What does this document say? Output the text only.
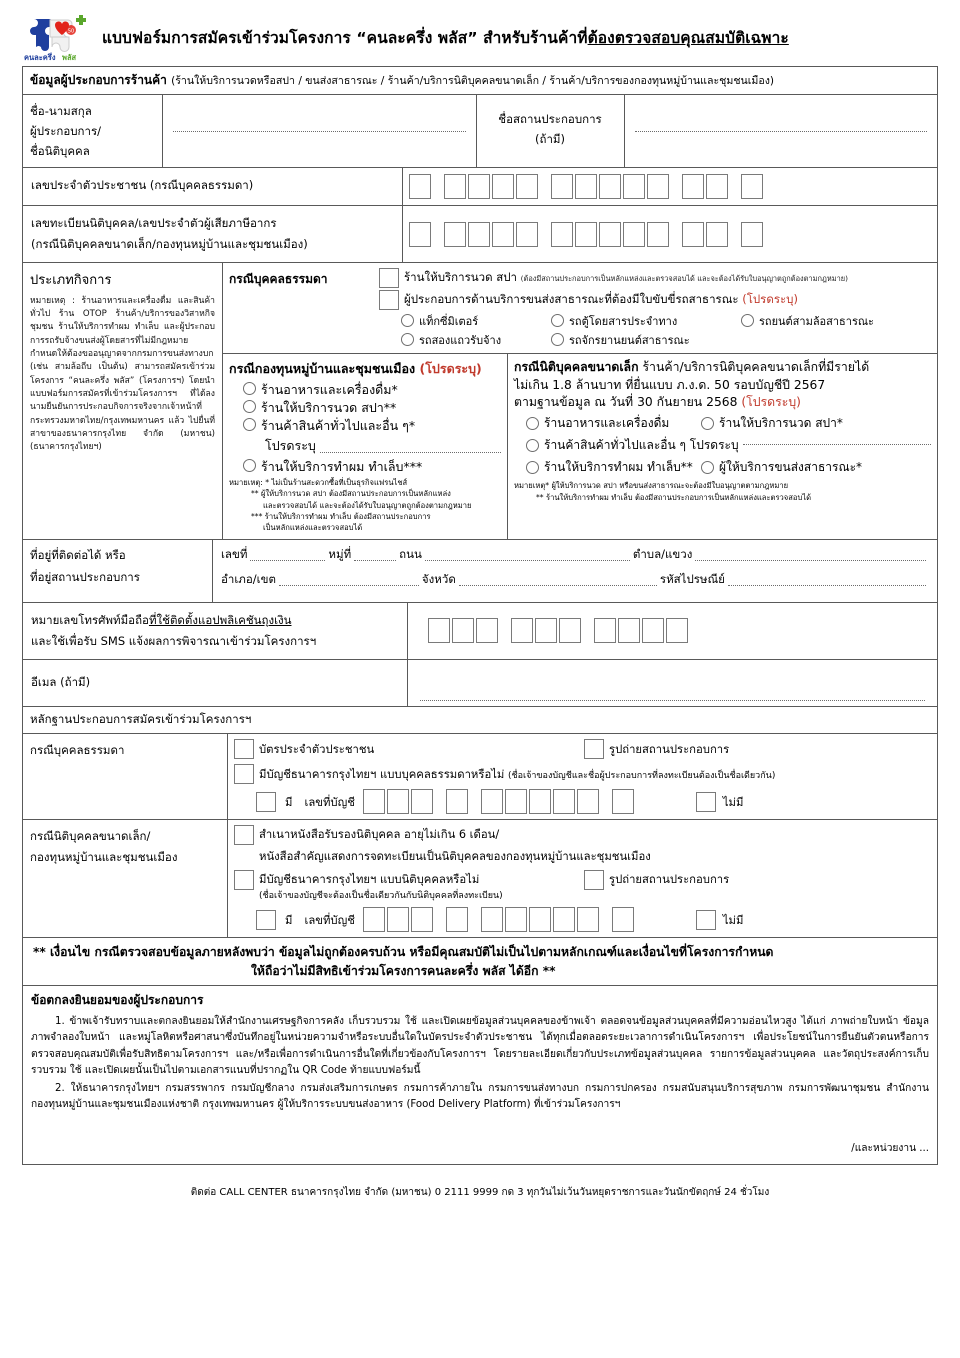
50
คนละครึ่ง พลัส
แบบฟอร์มการสมัครเข้าร่วมโครงการ “คนละครึ่ง พลัส” สำหรับร้านค้าที่ต้องตรวจสอบคุณสมบัติเฉพาะ
ข้อมูลผู้ประกอบการร้านค้า (ร้านให้บริการนวดหรือสปา / ขนส่งสาธารณะ / ร้านค้า/บริการนิติบุคคลขนาดเล็ก / ร้านค้า/บริการของกองทุนหมู่บ้านและชุมชนเมือง)
ชื่อ-นามสกุล
ผู้ประกอบการ/
ชื่อนิติบุคคล
ชื่อสถานประกอบการ
(ถ้ามี)
เลขประจำตัวประชาชน (กรณีบุคคลธรรมดา)
เลขทะเบียนนิติบุคคล/เลขประจำตัวผู้เสียภาษีอากร
(กรณีนิติบุคคลขนาดเล็ก/กองทุนหมู่บ้านและชุมชนเมือง)
ประเภทกิจการ
หมายเหตุ : ร้านอาหารและเครื่องดื่ม และสินค้าทั่วไป ร้าน OTOP ร้านค้า/บริการของวิสาหกิจชุมชน ร้านให้บริการทำผม ทำเล็บ และผู้ประกอบการรถรับจ้างขนส่งผู้โดยสารที่ไม่มีกฎหมายกำหนดให้ต้องขออนุญาตจากกรมการขนส่งทางบก (เช่น สามล้อถีบ เป็นต้น) สามารถสมัครเข้าร่วมโครงการ “คนละครึ่ง พลัส” (โครงการฯ) โดยนำแบบฟอร์มการสมัครที่เข้าร่วมโครงการฯ ที่ได้ลงนามยืนยันการประกอบกิจการจริงจากเจ้าหน้าที่กระทรวงมหาดไทย/กรุงเทพมหานคร แล้ว ไปยื่นที่สาขาของธนาคารกรุงไทย จำกัด (มหาชน) (ธนาคารกรุงไทยฯ)
กรณีบุคคลธรรมดา	ร้านให้บริการนวด สปา (ต้องมีสถานประกอบการเป็นหลักแหล่งและตรวจสอบได้ และจะต้องได้รับใบอนุญาตถูกต้องตามกฎหมาย)
ผู้ประกอบการด้านบริการขนส่งสาธารณะที่ต้องมีใบขับขี่รถสาธารณะ (โปรดระบุ)
แท็กซี่มิเตอร์	รถตู้โดยสารประจำทาง	รถยนต์สามล้อสาธารณะ
รถสองแถวรับจ้าง	รถจักรยานยนต์สาธารณะ
กรณีกองทุนหมู่บ้านและชุมชนเมือง (โปรดระบุ)
ร้านอาหารและเครื่องดื่ม*
ร้านให้บริการนวด สปา**
ร้านค้าสินค้าทั่วไปและอื่น ๆ*
โปรดระบุ
ร้านให้บริการทำผม ทำเล็บ***
หมายเหตุ: * ไม่เป็นร้านสะดวกซื้อที่เป็นธุรกิจแฟรนไชส์
** ผู้ให้บริการนวด สปา ต้องมีสถานประกอบการเป็นหลักแหล่ง
และตรวจสอบได้ และจะต้องได้รับใบอนุญาตถูกต้องตามกฎหมาย
*** ร้านให้บริการทำผม ทำเล็บ ต้องมีสถานประกอบการ
เป็นหลักแหล่งและตรวจสอบได้
กรณีนิติบุคคลขนาดเล็ก ร้านค้า/บริการนิติบุคคลขนาดเล็กที่มีรายได้
ไม่เกิน 1.8 ล้านบาท ที่ยื่นแบบ ภ.ง.ด. 50 รอบบัญชีปี 2567
ตามฐานข้อมูล ณ วันที่ 30 กันยายน 2568 (โปรดระบุ)
ร้านอาหารและเครื่องดื่ม	ร้านให้บริการนวด สปา*
ร้านค้าสินค้าทั่วไปและอื่น ๆ โปรดระบุ
ร้านให้บริการทำผม ทำเล็บ** ผู้ให้บริการขนส่งสาธารณะ*
หมายเหตุ* ผู้ให้บริการนวด สปา หรือขนส่งสาธารณะจะต้องมีใบอนุญาตตามกฎหมาย
** ร้านให้บริการทำผม ทำเล็บ ต้องมีสถานประกอบการเป็นหลักแหล่งและตรวจสอบได้
ที่อยู่ที่ติดต่อได้ หรือ
ที่อยู่สถานประกอบการ
เลขที่	หมู่ที่	ถนน	ตำบล/แขวง
อำเภอ/เขต	จังหวัด	รหัสไปรษณีย์
หมายเลขโทรศัพท์มือถือที่ใช้ติดตั้งแอปพลิเคชันถุงเงิน
และใช้เพื่อรับ SMS แจ้งผลการพิจารณาเข้าร่วมโครงการฯ
อีเมล (ถ้ามี)
หลักฐานประกอบการสมัครเข้าร่วมโครงการฯ
กรณีบุคคลธรรมดา	บัตรประจำตัวประชาชน	รูปถ่ายสถานประกอบการ
มีบัญชีธนาคารกรุงไทยฯ แบบบุคคลธรรมดาหรือไม่ (ชื่อเจ้าของบัญชีและชื่อผู้ประกอบการที่ลงทะเบียนต้องเป็นชื่อเดียวกัน)
มี เลขที่บัญชี	ไม่มี
กรณีนิติบุคคลขนาดเล็ก/
กองทุนหมู่บ้านและชุมชนเมือง
สำเนาหนังสือรับรองนิติบุคคล อายุไม่เกิน 6 เดือน/
หนังสือสำคัญแสดงการจดทะเบียนเป็นนิติบุคคลของกองทุนหมู่บ้านและชุมชนเมือง
มีบัญชีธนาคารกรุงไทยฯ แบบนิติบุคคลหรือไม่
(ชื่อเจ้าของบัญชีจะต้องเป็นชื่อเดียวกันกับนิติบุคคลที่ลงทะเบียน)
รูปถ่ายสถานประกอบการ
มี เลขที่บัญชี	ไม่มี
** เงื่อนไข กรณีตรวจสอบข้อมูลภายหลังพบว่า ข้อมูลไม่ถูกต้องครบถ้วน หรือมีคุณสมบัติไม่เป็นไปตามหลักเกณฑ์และเงื่อนไขที่โครงการกำหนด
ให้ถือว่าไม่มีสิทธิเข้าร่วมโครงการคนละครึ่ง พลัส ได้อีก **
ข้อตกลงยินยอมของผู้ประกอบการ

1. ข้าพเจ้ารับทราบและตกลงยินยอมให้สำนักงานเศรษฐกิจการคลัง เก็บรวบรวม ใช้ และเปิดเผยข้อมูลส่วนบุคคลของข้าพเจ้า ตลอดจนข้อมูลส่วนบุคคลที่มีความอ่อนไหวสูง ได้แก่ ภาพถ่ายใบหน้า ข้อมูลภาพจำลองใบหน้า และหมู่โลหิตหรือศาสนาซึ่งบันทึกอยู่ในหน่วยความจำหรือระบบอื่นใดในบัตรประจำตัวประชาชน ได้ทุกเมื่อตลอดระยะเวลาการดำเนินโครงการฯ เพื่อประโยชน์ในการยืนยันตัวตนหรือการตรวจสอบคุณสมบัติเพื่อรับสิทธิตามโครงการฯ และ/หรือเพื่อการดำเนินการอื่นใดที่เกี่ยวข้องกับโครงการฯ โดยรายละเอียดเกี่ยวกับประเภทข้อมูลส่วนบุคคล รายการข้อมูลส่วนบุคคล และวัตถุประสงค์การเก็บรวบรวม ใช้ และเปิดเผยนั้นเป็นไปตามเอกสารแนบที่ปรากฏใน QR Code ท้ายแบบฟอร์มนี้

2. ให้ธนาคารกรุงไทยฯ กรมสรรพากร กรมบัญชีกลาง กรมส่งเสริมการเกษตร กรมการค้าภายใน กรมการขนส่งทางบก กรมการปกครอง กรมสนับสนุนบริการสุขภาพ กรมการพัฒนาชุมชน สำนักงานกองทุนหมู่บ้านและชุมชนเมืองแห่งชาติ กรุงเทพมหานคร ผู้ให้บริการระบบขนส่งอาหาร (Food Delivery Platform) ที่เข้าร่วมโครงการฯ

/และหน่วยงาน ...
ติดต่อ CALL CENTER ธนาคารกรุงไทย จำกัด (มหาชน) 0 2111 9999 กด 3 ทุกวันไม่เว้นวันหยุดราชการและวันนักขัตฤกษ์ 24 ชั่วโมง
